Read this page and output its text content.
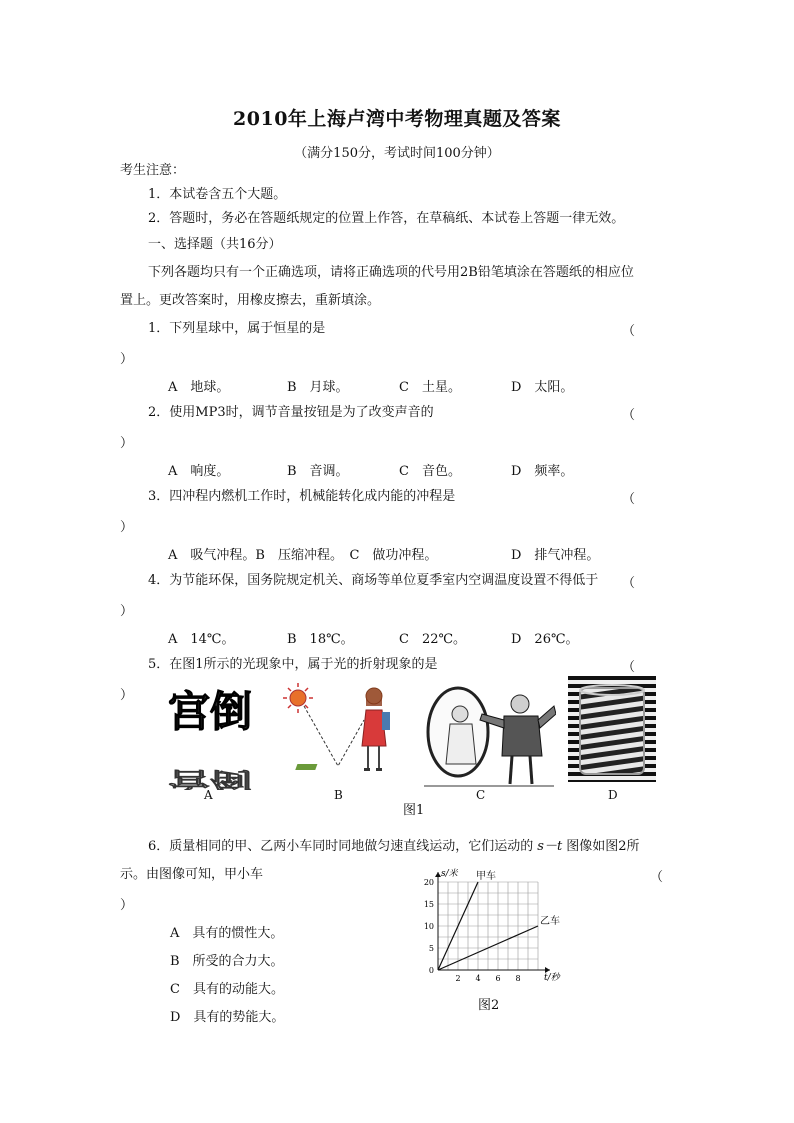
2010年上海卢湾中考物理真题及答案
（满分150分，考试时间100分钟）
考生注意：
1．本试卷含五个大题。
2．答题时，务必在答题纸规定的位置上作答，在草稿纸、本试卷上答题一律无效。
一、选择题（共16分）
下列各题均只有一个正确选项，请将正确选项的代号用2B铅笔填涂在答题纸的相应位
置上。更改答案时，用橡皮擦去，重新填涂。
1．下列星球中，属于恒星的是	（
）
A　地球。	B　月球。	C　土星。	D　太阳。
2．使用MP3时，调节音量按钮是为了改变声音的	（
）
A　响度。	B　音调。	C　音色。	D　频率。
3．四冲程内燃机工作时，机械能转化成内能的冲程是	（
）
A　吸气冲程。B　压缩冲程。　C　做功冲程。	D　排气冲程。
4．为节能环保，国务院规定机关、商场等单位夏季室内空调温度设置不得低于 （
）
A　14℃。	B　18℃。	C　22℃。	D　26℃。
5．在图1所示的光现象中，属于光的折射现象的是	（
） 宫倒
宫倒
A	B	C	D
图1
6．质量相同的甲、乙两小车同时同地做匀速直线运动，它们运动的 s－t 图像如图2所
示。由图像可知，甲小车	（
）
A　具有的惯性大。
B　所受的合力大。
C　具有的动能大。
D　具有的势能大。
2 4 6 8
5
10
15
20
0
s/米
t/秒
甲车
乙车
图2
